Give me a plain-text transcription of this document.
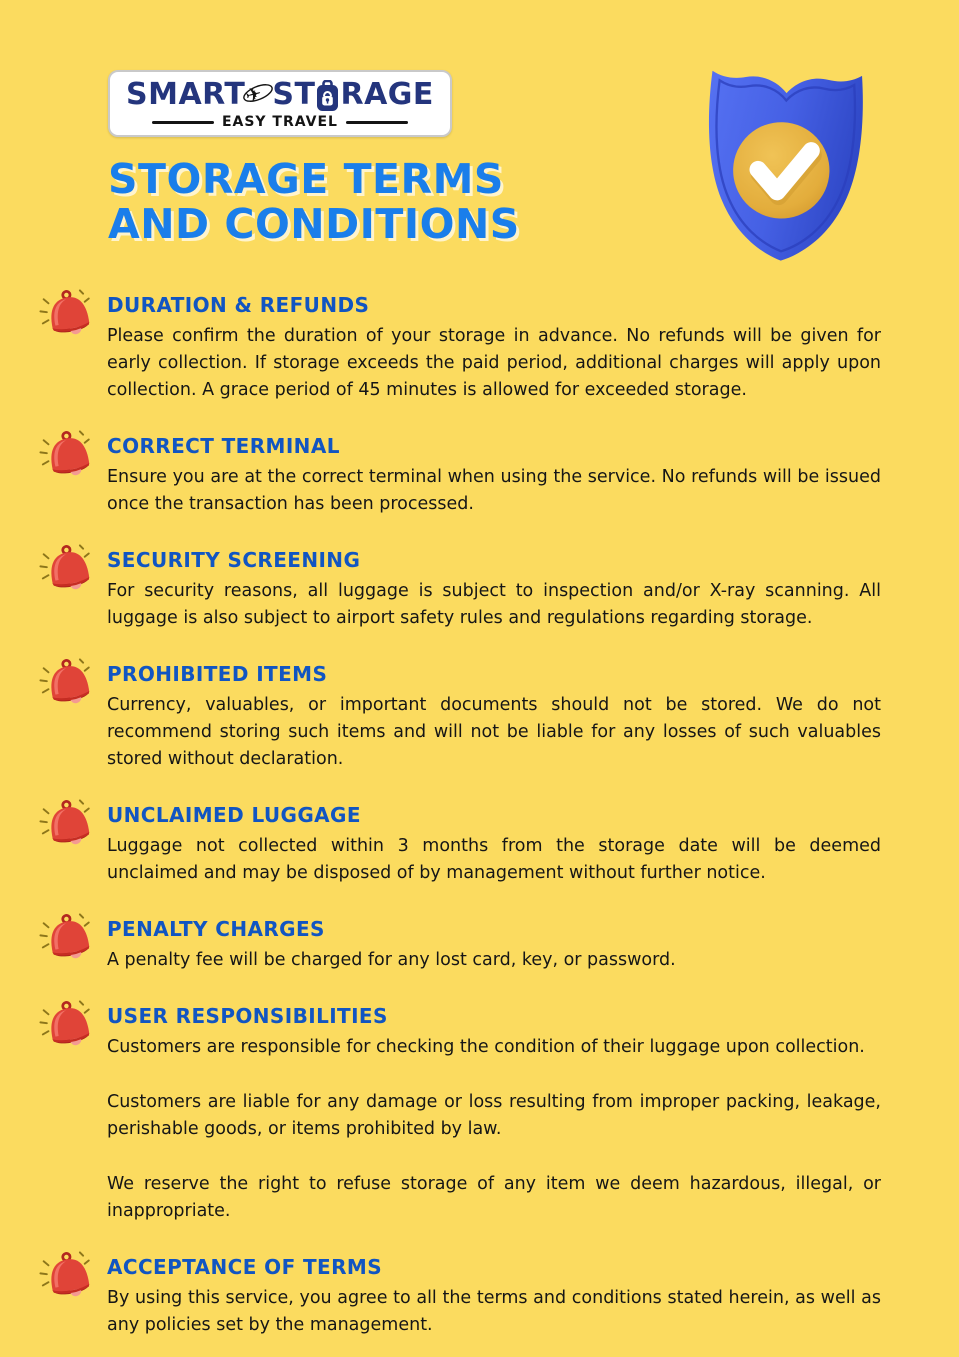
SMART
✈ ST RAGE
EASY TRAVEL
STORAGE TERMS
AND CONDITIONS
DURATION & REFUNDS

Please confirm the duration of your storage in advance. No refunds will be given for early collection. If storage exceeds the paid period, additional charges will apply upon collection. A grace period of 45 minutes is allowed for exceeded storage.

CORRECT TERMINAL

Ensure you are at the correct terminal when using the service. No refunds will be issued once the transaction has been processed.

SECURITY SCREENING

For security reasons, all luggage is subject to inspection and/or X-ray scanning. All luggage is also subject to airport safety rules and regulations regarding storage.

PROHIBITED ITEMS

Currency, valuables, or important documents should not be stored. We do not recommend storing such items and will not be liable for any losses of such valuables stored without declaration.

UNCLAIMED LUGGAGE

Luggage not collected within 3 months from the storage date will be deemed unclaimed and may be disposed of by management without further notice.

PENALTY CHARGES

A penalty fee will be charged for any lost card, key, or password.

USER RESPONSIBILITIES

Customers are responsible for checking the condition of their luggage upon collection.

Customers are liable for any damage or loss resulting from improper packing, leakage, perishable goods, or items prohibited by law.

We reserve the right to refuse storage of any item we deem hazardous, illegal, or inappropriate.

ACCEPTANCE OF TERMS

By using this service, you agree to all the terms and conditions stated herein, as well as any policies set by the management.
